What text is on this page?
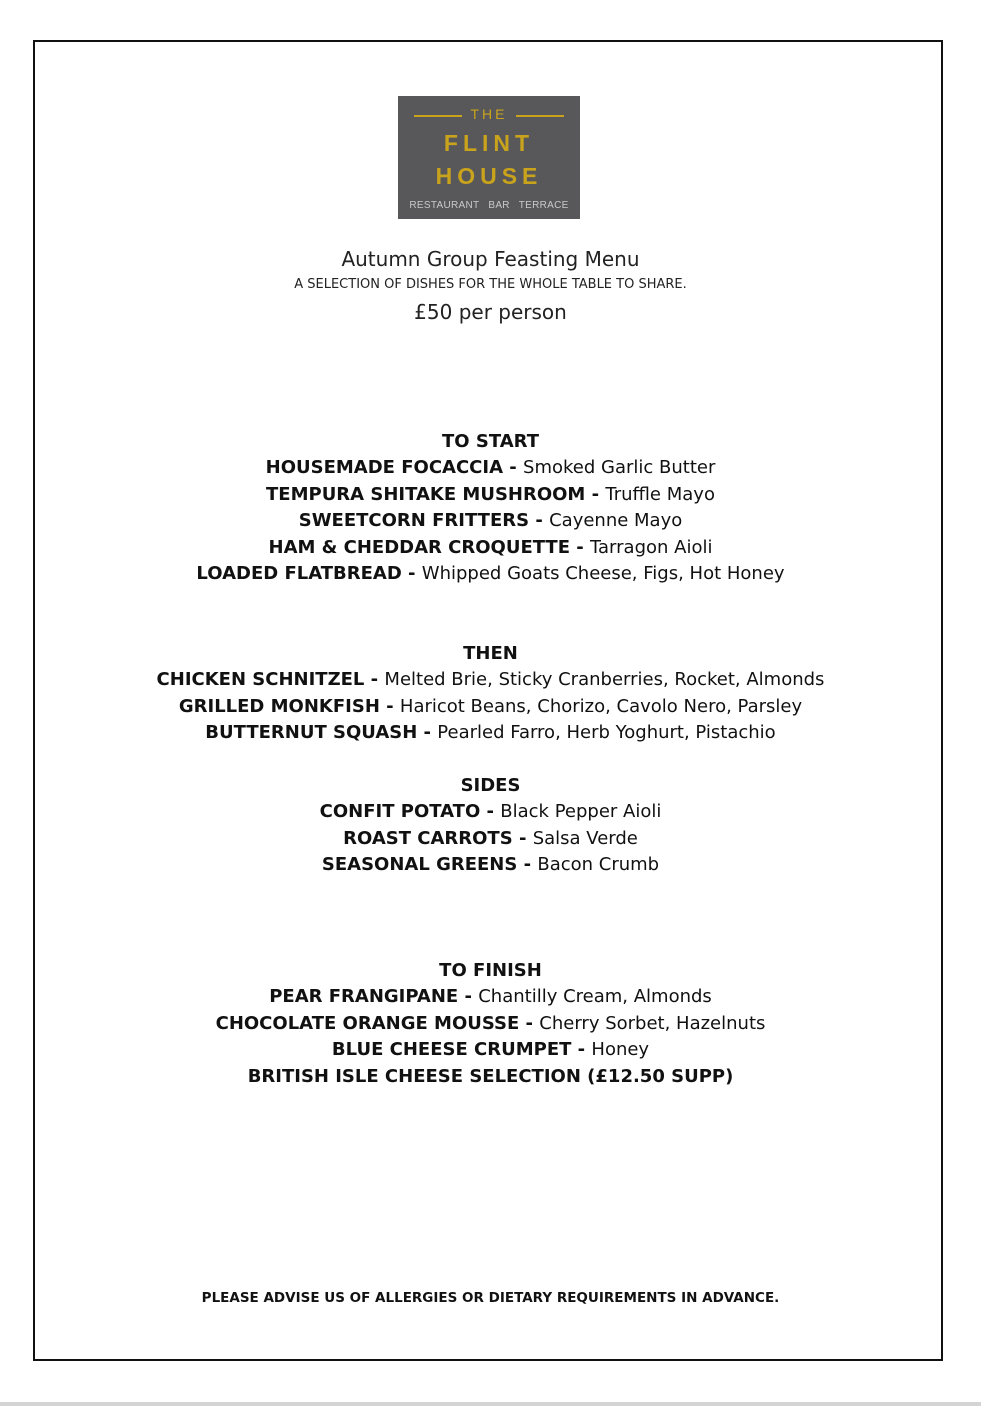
THE
FLINT
HOUSE
RESTAURANT BAR TERRACE
Autumn Group Feasting Menu
A SELECTION OF DISHES FOR THE WHOLE TABLE TO SHARE.
£50 per person
TO START
HOUSEMADE FOCACCIA - Smoked Garlic Butter
TEMPURA SHITAKE MUSHROOM - Truffle Mayo
SWEETCORN FRITTERS - Cayenne Mayo
HAM & CHEDDAR CROQUETTE - Tarragon Aioli
LOADED FLATBREAD - Whipped Goats Cheese, Figs, Hot Honey
THEN
CHICKEN SCHNITZEL - Melted Brie, Sticky Cranberries, Rocket, Almonds
GRILLED MONKFISH - Haricot Beans, Chorizo, Cavolo Nero, Parsley
BUTTERNUT SQUASH - Pearled Farro, Herb Yoghurt, Pistachio
SIDES
CONFIT POTATO - Black Pepper Aioli
ROAST CARROTS - Salsa Verde
SEASONAL GREENS - Bacon Crumb
TO FINISH
PEAR FRANGIPANE - Chantilly Cream, Almonds
CHOCOLATE ORANGE MOUSSE - Cherry Sorbet, Hazelnuts
BLUE CHEESE CRUMPET - Honey
BRITISH ISLE CHEESE SELECTION (£12.50 SUPP)
PLEASE ADVISE US OF ALLERGIES OR DIETARY REQUIREMENTS IN ADVANCE.
